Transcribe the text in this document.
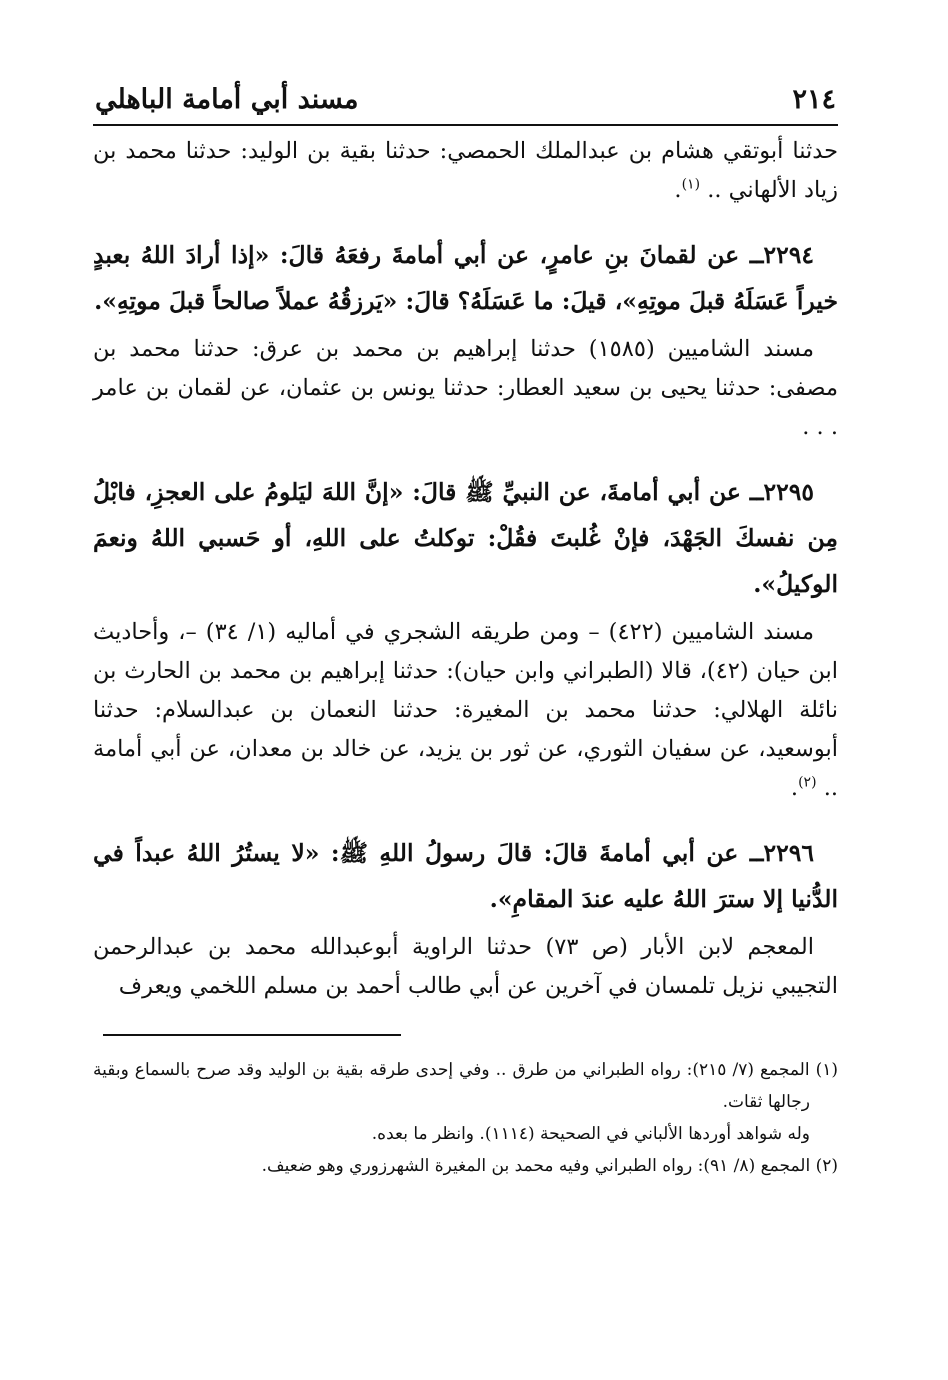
٢١٤
مسند أبي أمامة الباهلي

حدثنا أبوتقي هشام بن عبدالملك الحمصي: حدثنا بقية بن الوليد: حدثنا محمد بن زياد الألهاني .. $^{(١)}$.

٢٢٩٤ــ عن لقمانَ بنِ عامرٍ، عن أبي أمامةَ رفعَهُ قالَ: «إذا أرادَ اللهُ بعبدٍ خيراً عَسَلَهُ قبلَ موتِهِ»، قيلَ: ما عَسَلَهُ؟ قالَ: «يَرزقُهُ عملاً صالحاً قبلَ موتِهِ».

مسند الشاميين (١٥٨٥) حدثنا إبراهيم بن محمد بن عرق: حدثنا محمد بن مصفى: حدثنا يحيى بن سعيد العطار: حدثنا يونس بن عثمان، عن لقمان بن عامر . . .

٢٢٩٥ــ عن أبي أمامةَ، عن النبيِّ ﷺ قالَ: «إنَّ اللهَ ليَلومُ على العجزِ، فابْلُ مِن نفسكَ الجَهْدَ، فإنْ غُلبتَ فقُلْ: توكلتُ على اللهِ، أو حَسبي اللهُ ونعمَ الوكيلُ».

مسند الشاميين (٤٢٢) – ومن طريقه الشجري في أماليه (١/ ٣٤) –، وأحاديث ابن حيان (٤٢)، قالا (الطبراني وابن حيان): حدثنا إبراهيم بن محمد بن الحارث بن نائلة الهلالي: حدثنا محمد بن المغيرة: حدثنا النعمان بن عبدالسلام: حدثنا أبوسعيد، عن سفيان الثوري، عن ثور بن يزيد، عن خالد بن معدان، عن أبي أمامة .. $^{(٢)}$.

٢٢٩٦ــ عن أبي أمامةَ قالَ: قالَ رسولُ اللهِ ﷺ: «لا يستُرُ اللهُ عبداً في الدُّنيا إلا سترَ اللهُ عليه عندَ المقامِ».

المعجم لابن الأبار (ص ٧٣) حدثنا الراوية أبوعبدالله محمد بن عبدالرحمن التجيبي نزيل تلمسان في آخرين عن أبي طالب أحمد بن مسلم اللخمي ويعرف

(١) المجمع (٧/ ٢١٥): رواه الطبراني من طرق .. وفي إحدى طرقه بقية بن الوليد وقد صرح بالسماع وبقية رجالها ثقات.

وله شواهد أوردها الألباني في الصحيحة (١١١٤). وانظر ما بعده.

(٢) المجمع (٨/ ٩١): رواه الطبراني وفيه محمد بن المغيرة الشهرزوري وهو ضعيف.
